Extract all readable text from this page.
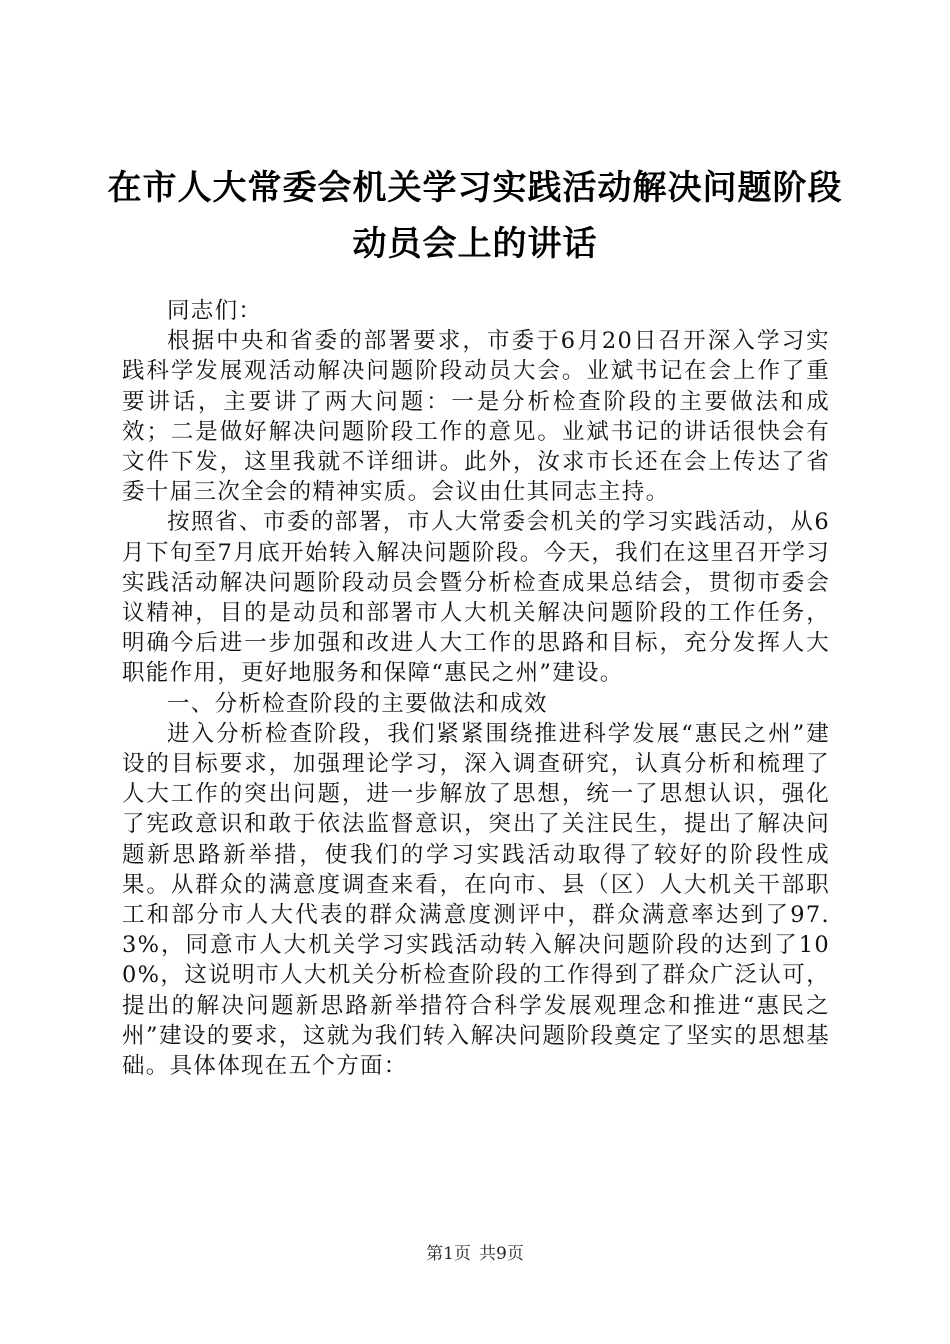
在市人大常委会机关学习实践活动解决问题阶段动员会上的讲话

同志们：

根据中央和省委的部署要求，市委于6月20日召开深入学习实践科学发展观活动解决问题阶段动员大会。业斌书记在会上作了重要讲话，主要讲了两大问题：一是分析检查阶段的主要做法和成效；二是做好解决问题阶段工作的意见。业斌书记的讲话很快会有文件下发，这里我就不详细讲。此外，汝求市长还在会上传达了省委十届三次全会的精神实质。会议由仕其同志主持。

按照省、市委的部署，市人大常委会机关的学习实践活动，从6月下旬至7月底开始转入解决问题阶段。今天，我们在这里召开学习实践活动解决问题阶段动员会暨分析检查成果总结会，贯彻市委会议精神，目的是动员和部署市人大机关解决问题阶段的工作任务，明确今后进一步加强和改进人大工作的思路和目标，充分发挥人大职能作用，更好地服务和保障“惠民之州”建设。

一、分析检查阶段的主要做法和成效

进入分析检查阶段，我们紧紧围绕推进科学发展“惠民之州”建设的目标要求，加强理论学习，深入调查研究，认真分析和梳理了人大工作的突出问题，进一步解放了思想，统一了思想认识，强化了宪政意识和敢于依法监督意识，突出了关注民生，提出了解决问题新思路新举措，使我们的学习实践活动取得了较好的阶段性成果。从群众的满意度调查来看，在向市、县（区）人大机关干部职工和部分市人大代表的群众满意度测评中，群众满意率达到了97.3%，同意市人大机关学习实践活动转入解决问题阶段的达到了100%，这说明市人大机关分析检查阶段的工作得到了群众广泛认可，提出的解决问题新思路新举措符合科学发展观理念和推进“惠民之州”建设的要求，这就为我们转入解决问题阶段奠定了坚实的思想基础。具体体现在五个方面：

第1页 共9页
